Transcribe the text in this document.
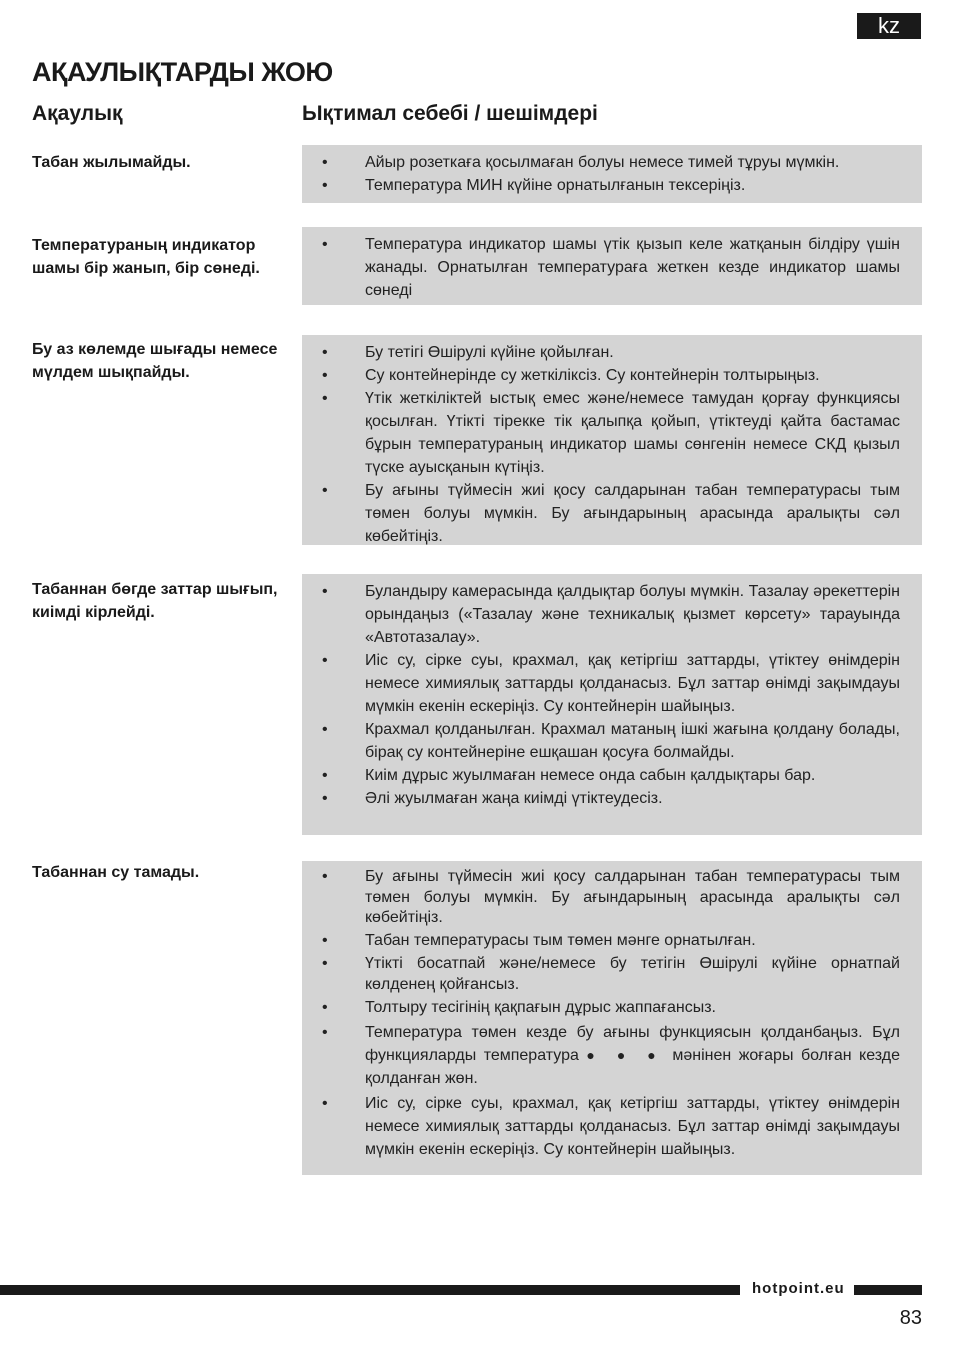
kz
АҚАУЛЫҚТАРДЫ ЖОЮ
Ақаулық	Ықтимал себебі / шешімдері
Табан жылымайды.	• Айыр розеткаға қосылмаған болуы немесе тимей тұруы мүмкін.
• Температура МИН күйіне орнатылғанын тексеріңіз.
Температураның индикатор шамы бір жанып, бір сөнеді.
• Температура индикатор шамы үтік қызып келе жатқанын білдіру үшін жанады. Орнатылған температураға жеткен кезде индикатор шамы сөнеді
Бу аз көлемде шығады немесе мүлдем шықпайды.
• Бу тетігі Өшірулі күйіне қойылған.
• Су контейнерінде су жеткіліксіз. Су контейнерін толтырыңыз.
• Үтік жеткіліктей ыстық емес және/немесе тамудан қорғау функциясы қосылған. Үтікті тірекке тік қалыпқа қойып, үтіктеуді қайта бастамас бұрын температураның индикатор шамы сөнгенін немесе СКД қызыл түске ауысқанын күтіңіз.
• Бу ағыны түймесін жиі қосу салдарынан табан температурасы тым төмен болуы мүмкін. Бу ағындарының арасында аралықты сәл көбейтіңіз.
Табаннан бөгде заттар шығып, киімді кірлейді.
• Буландыру камерасында қалдықтар болуы мүмкін. Тазалау әрекеттерін орындаңыз («Тазалау және техникалық қызмет көрсету» тарауында «Автотазалау».
• Иіс су, сірке суы, крахмал, қақ кетіргіш заттарды, үтіктеу өнімдерін немесе химиялық заттарды қолданасыз. Бұл заттар өнімді зақымдауы мүмкін екенін ескеріңіз. Су контейнерін шайыңыз.
• Крахмал қолданылған. Крахмал матаның ішкі жағына қолдану болады, бірақ су контейнеріне ешқашан қосуға болмайды.
• Киім дұрыс жуылмаған немесе онда сабын қалдықтары бар.
• Әлі жуылмаған жаңа киімді үтіктеудесіз.
Табаннан су тамады.	• Бу ағыны түймесін жиі қосу салдарынан табан температурасы тым төмен болуы мүмкін. Бу ағындарының арасында аралықты сәл көбейтіңіз.
• Табан температурасы тым төмен мәнге орнатылған.
• Үтікті босатпай және/немесе бу тетігін Өшірулі күйіне орнатпай көлденең қойғансыз.
• Толтыру тесігінің қақпағын дұрыс жаппағансыз.
• Температура төмен кезде бу ағыны функциясын қолданбаңыз. Бұл функцияларды температура ● ● ● мәнінен жоғары болған кезде қолданған жөн.
• Иіс су, сірке суы, крахмал, қақ кетіргіш заттарды, үтіктеу өнімдерін немесе химиялық заттарды қолданасыз. Бұл заттар өнімді зақымдауы мүмкін екенін ескеріңіз. Су контейнерін шайыңыз.
hotpoint.eu
83
